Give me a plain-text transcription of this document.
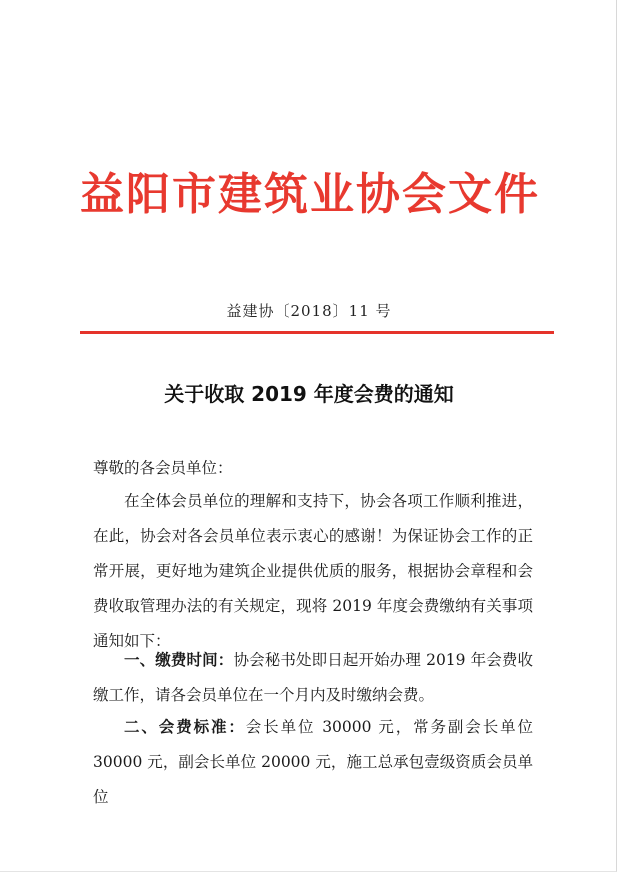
益阳市建筑业协会文件
益建协〔2018〕11 号
关于收取 2019 年度会费的通知
尊敬的各会员单位：

在全体会员单位的理解和支持下，协会各项工作顺利推进，在此，协会对各会员单位表示衷心的感谢！为保证协会工作的正常开展，更好地为建筑企业提供优质的服务，根据协会章程和会费收取管理办法的有关规定，现将 2019 年度会费缴纳有关事项通知如下：

一、缴费时间：协会秘书处即日起开始办理 2019 年会费收缴工作，请各会员单位在一个月内及时缴纳会费。

二、会费标准：会长单位 30000 元，常务副会长单位 30000 元，副会长单位 20000 元，施工总承包壹级资质会员单位
